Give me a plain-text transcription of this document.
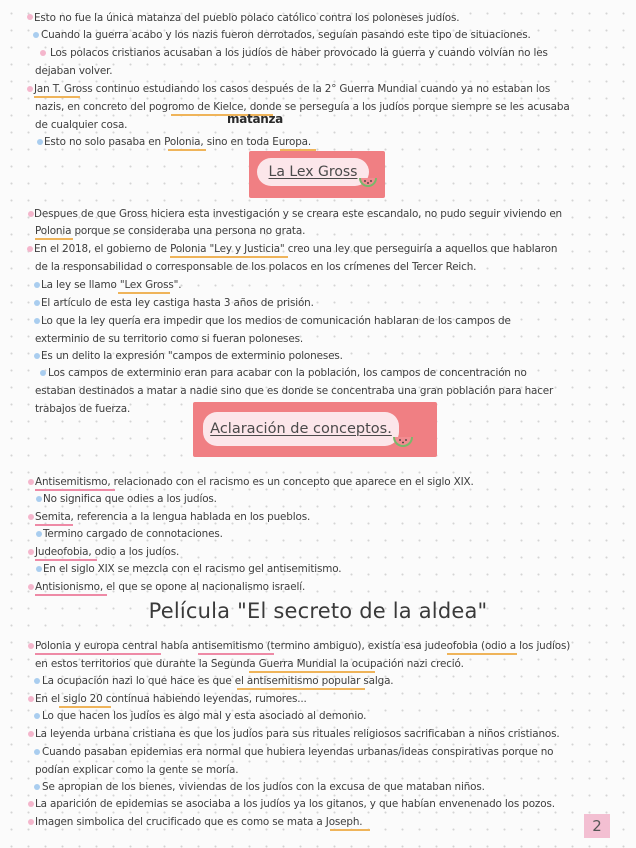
Esto no fue la única matanza del pueblo polaco católico contra los poloneses judíos.
Cuando la guerra acabo y los nazis fueron derrotados, seguían pasando este tipo de situaciones.
Los polacos cristianos acusaban a los judíos de haber provocado la guerra y cuando volvían no les
dejaban volver.
Jan T. Gross continuo estudiando los casos después de la 2° Guerra Mundial cuando ya no estaban los
nazis, en concreto del pogromo de Kielce, donde se perseguía a los judíos porque siempre se les acusaba
de cualquier cosa.	matanza
Esto no solo pasaba en Polonia, sino en toda Europa.
La Lex Gross
Despues de que Gross hiciera esta investigación y se creara este escandalo, no pudo seguir viviendo en
Polonia porque se consideraba una persona no grata.
En el 2018, el gobierno de Polonia "Ley y Justicia" creo una ley que perseguiría a aquellos que hablaron
de la responsabilidad o corresponsable de los polacos en los crímenes del Tercer Reich.
La ley se llamo "Lex Gross".
El artículo de esta ley castiga hasta 3 años de prisión.
Lo que la ley quería era impedir que los medios de comunicación hablaran de los campos de
exterminio de su territorio como si fueran poloneses.
Es un delito la expresión "campos de exterminio poloneses.
Los campos de exterminio eran para acabar con la población, los campos de concentración no
estaban destinados a matar a nadie sino que es donde se concentraba una gran población para hacer
trabajos de fuerza.
Aclaración de conceptos.
Antisemitismo, relacionado con el racismo es un concepto que aparece en el siglo XIX.
No significa que odies a los judíos.
Semita, referencia a la lengua hablada en los pueblos.
Termino cargado de connotaciones.
Judeofobia, odio a los judíos.
En el siglo XIX se mezcla con el racismo gel antisemitismo.
Antisionismo, el que se opone al nacionalismo israelí.
Película "El secreto de la aldea"
Polonia y europa central había antisemitismo (termino ambiguo), existía esa judeofobia (odio a los judíos)
en estos territorios que durante la Segunda Guerra Mundial la ocupación nazi creció.
La ocupación nazi lo que hace es que el antisemitismo popular salga.
En el siglo 20 continua habiendo leyendas, rumores...
Lo que hacen los judíos es algo mal y esta asociado al demonio.
La leyenda urbana cristiana es que los judíos para sus rituales religiosos sacrificaban a niños cristianos.
Cuando pasaban epidemias era normal que hubiera leyendas urbanas/ideas conspirativas porque no
podían explicar como la gente se moría.
Se apropian de los bienes, viviendas de los judíos con la excusa de que mataban niños.
La aparición de epidemias se asociaba a los judíos ya los gitanos, y que habían envenenado los pozos.
Imagen simbolica del crucificado que es como se mata a Joseph.	2
